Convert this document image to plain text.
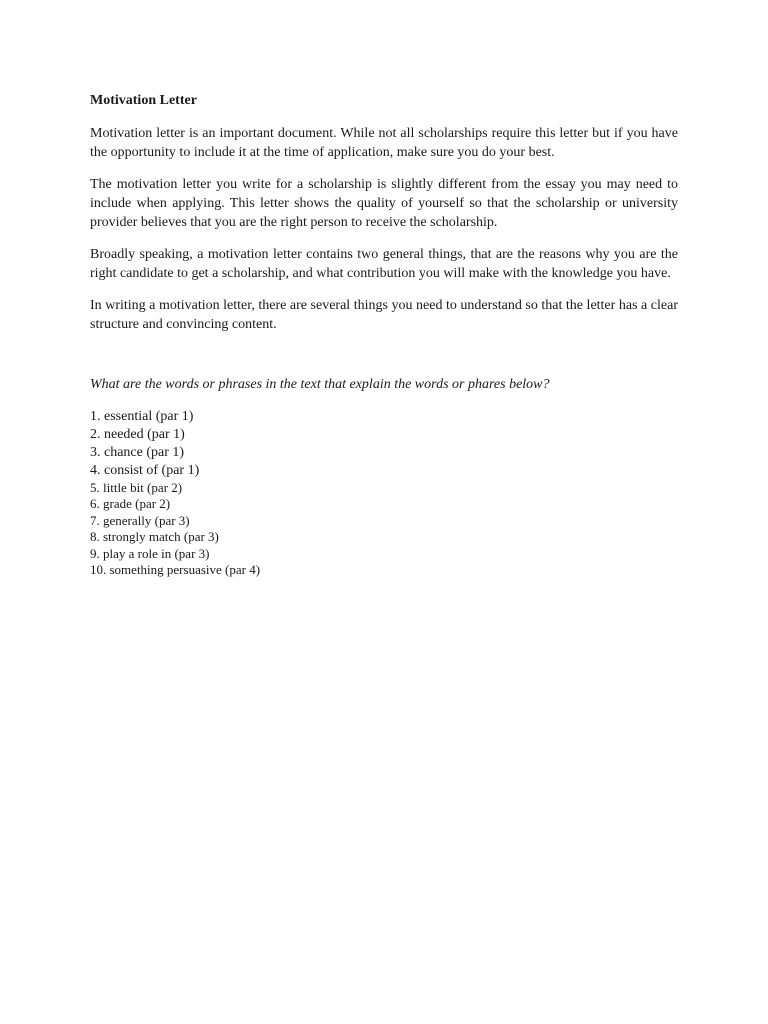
Motivation Letter

Motivation letter is an important document. While not all scholarships require this letter but if you have the opportunity to include it at the time of application, make sure you do your best.

The motivation letter you write for a scholarship is slightly different from the essay you may need to include when applying. This letter shows the quality of yourself so that the scholarship or university provider believes that you are the right person to receive the scholarship.

Broadly speaking, a motivation letter contains two general things, that are the reasons why you are the right candidate to get a scholarship, and what contribution you will make with the knowledge you have.

In writing a motivation letter, there are several things you need to understand so that the letter has a clear structure and convincing content.

What are the words or phrases in the text that explain the words or phares below?

1. essential (par 1)
2. needed (par 1)
3. chance (par 1)
4. consist of (par 1)
5. little bit (par 2)
6. grade (par 2)
7. generally (par 3)
8. strongly match (par 3)
9. play a role in (par 3)
10. something persuasive (par 4)
